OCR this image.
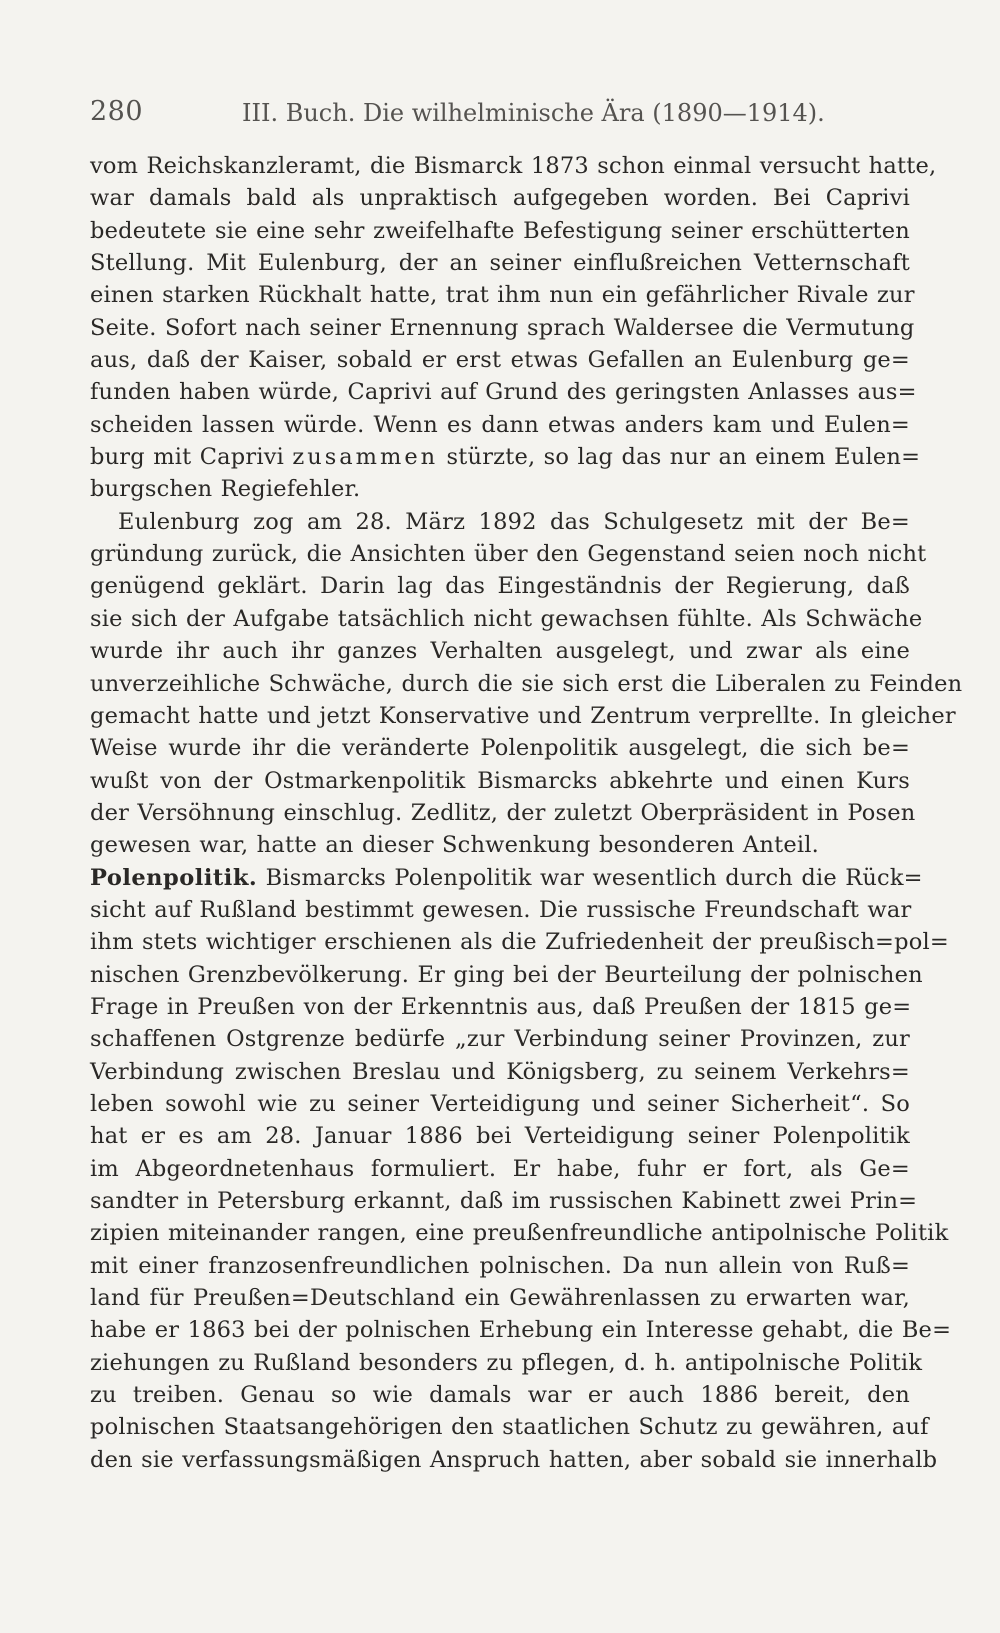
280	III. Buch. Die wilhelminische Ära (1890—1914).
vom Reichskanzleramt, die Bismarck 1873 schon einmal versucht hatte,
war damals bald als unpraktisch aufgegeben worden. Bei Caprivi
bedeutete sie eine sehr zweifelhafte Befestigung seiner erschütterten
Stellung. Mit Eulenburg, der an seiner einflußreichen Vetternschaft
einen starken Rückhalt hatte, trat ihm nun ein gefährlicher Rivale zur
Seite. Sofort nach seiner Ernennung sprach Waldersee die Vermutung
aus, daß der Kaiser, sobald er erst etwas Gefallen an Eulenburg ge=
funden haben würde, Caprivi auf Grund des geringsten Anlasses aus=
scheiden lassen würde. Wenn es dann etwas anders kam und Eulen=
burg mit Caprivi zusammen stürzte, so lag das nur an einem Eulen=
burgschen Regiefehler.
Eulenburg zog am 28. März 1892 das Schulgesetz mit der Be=
gründung zurück, die Ansichten über den Gegenstand seien noch nicht
genügend geklärt. Darin lag das Eingeständnis der Regierung, daß
sie sich der Aufgabe tatsächlich nicht gewachsen fühlte. Als Schwäche
wurde ihr auch ihr ganzes Verhalten ausgelegt, und zwar als eine
unverzeihliche Schwäche, durch die sie sich erst die Liberalen zu Feinden
gemacht hatte und jetzt Konservative und Zentrum verprellte. In gleicher
Weise wurde ihr die veränderte Polenpolitik ausgelegt, die sich be=
wußt von der Ostmarkenpolitik Bismarcks abkehrte und einen Kurs
der Versöhnung einschlug. Zedlitz, der zuletzt Oberpräsident in Posen
gewesen war, hatte an dieser Schwenkung besonderen Anteil.
Polenpolitik. Bismarcks Polenpolitik war wesentlich durch die Rück=
sicht auf Rußland bestimmt gewesen. Die russische Freundschaft war
ihm stets wichtiger erschienen als die Zufriedenheit der preußisch=pol=
nischen Grenzbevölkerung. Er ging bei der Beurteilung der polnischen
Frage in Preußen von der Erkenntnis aus, daß Preußen der 1815 ge=
schaffenen Ostgrenze bedürfe „zur Verbindung seiner Provinzen, zur
Verbindung zwischen Breslau und Königsberg, zu seinem Verkehrs=
leben sowohl wie zu seiner Verteidigung und seiner Sicherheit“. So
hat er es am 28. Januar 1886 bei Verteidigung seiner Polenpolitik
im Abgeordnetenhaus formuliert. Er habe, fuhr er fort, als Ge=
sandter in Petersburg erkannt, daß im russischen Kabinett zwei Prin=
zipien miteinander rangen, eine preußenfreundliche antipolnische Politik
mit einer franzosenfreundlichen polnischen. Da nun allein von Ruß=
land für Preußen=Deutschland ein Gewährenlassen zu erwarten war,
habe er 1863 bei der polnischen Erhebung ein Interesse gehabt, die Be=
ziehungen zu Rußland besonders zu pflegen, d. h. antipolnische Politik
zu treiben. Genau so wie damals war er auch 1886 bereit, den
polnischen Staatsangehörigen den staatlichen Schutz zu gewähren, auf
den sie verfassungsmäßigen Anspruch hatten, aber sobald sie innerhalb
